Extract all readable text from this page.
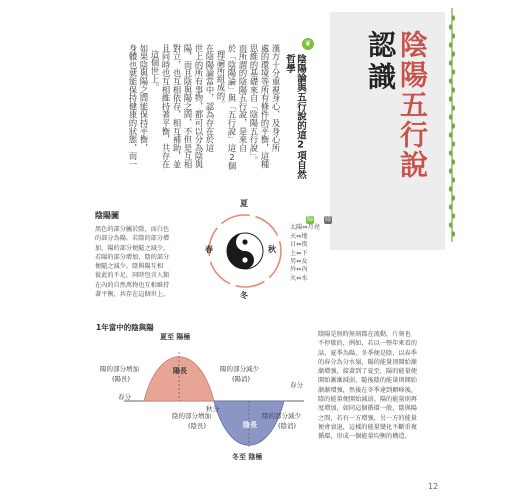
認識 陰陽五行說
❦
陰陽論與五行說的這2項自然哲學
漢方十分重視身心、及身心所
處的環境等所有條件的平衡，這種
思維的基礎來自「陰陽五行說」。
而所謂的陰陽五行說，是來自
於「陰陽論」與「五行說」這2個
理論所組成的。
在陰陽論當中，認為存在於這
世上的所有事物，都可以分為陰與
陽，而且陰與陽之間，不但是互相
對立，也互相依存，相互補助，並
且同時也互相維持著平衡，共存在
這個世上。
如果陰與陽之間能保持平衡，
身體也就能保持健康的狀態，而一
陰陽圖
黑色的部分屬於陰，而白色
的部分為陽。若陰的部分增
加，陽的部分便隨之減少，
若陽的部分增加，陰的部分
便隨之減少。陰與陽互相
彼此的不足，同時包含人類
在內的自然萬物也互相維持
著平衡，共存在這個世上。
夏
春	秋
冬
陽 陰
太陽⇔月亮
天⇔地
日⇔夜
上⇔下
男⇔女
外⇔內
火⇔水
1年當中的陰與陽
夏至 陽極
陽長
陰長
陽的部分增加
(陽長)
春分
陽的部分減少
(陽消)
春分
秋分
陰的部分增加
(陰長)
陰的部分減少
(陰消)
冬至 陰極
陰陽是無時無刻都在流動，片刻也
不停歇的，例如，若以一整年來看的
話，夏季為陽，冬季便是陰，以春季
的春分為分水嶺，陽的能量則開始漸
漸增強，接著到了夏至，陽的能量便
開始漸漸減弱，隨後陰的能量則開始
漸漸增強，然後在冬季達到顛峰後，
陰的能量便開始減弱。陽的能量則再
度增加，如同這個循環一般，陰與陽
之間，若有一方增強，另一方的能量
便會衰退，這樣的能量變化不斷重複
循環，形成一個能量均衡的構造。
12
